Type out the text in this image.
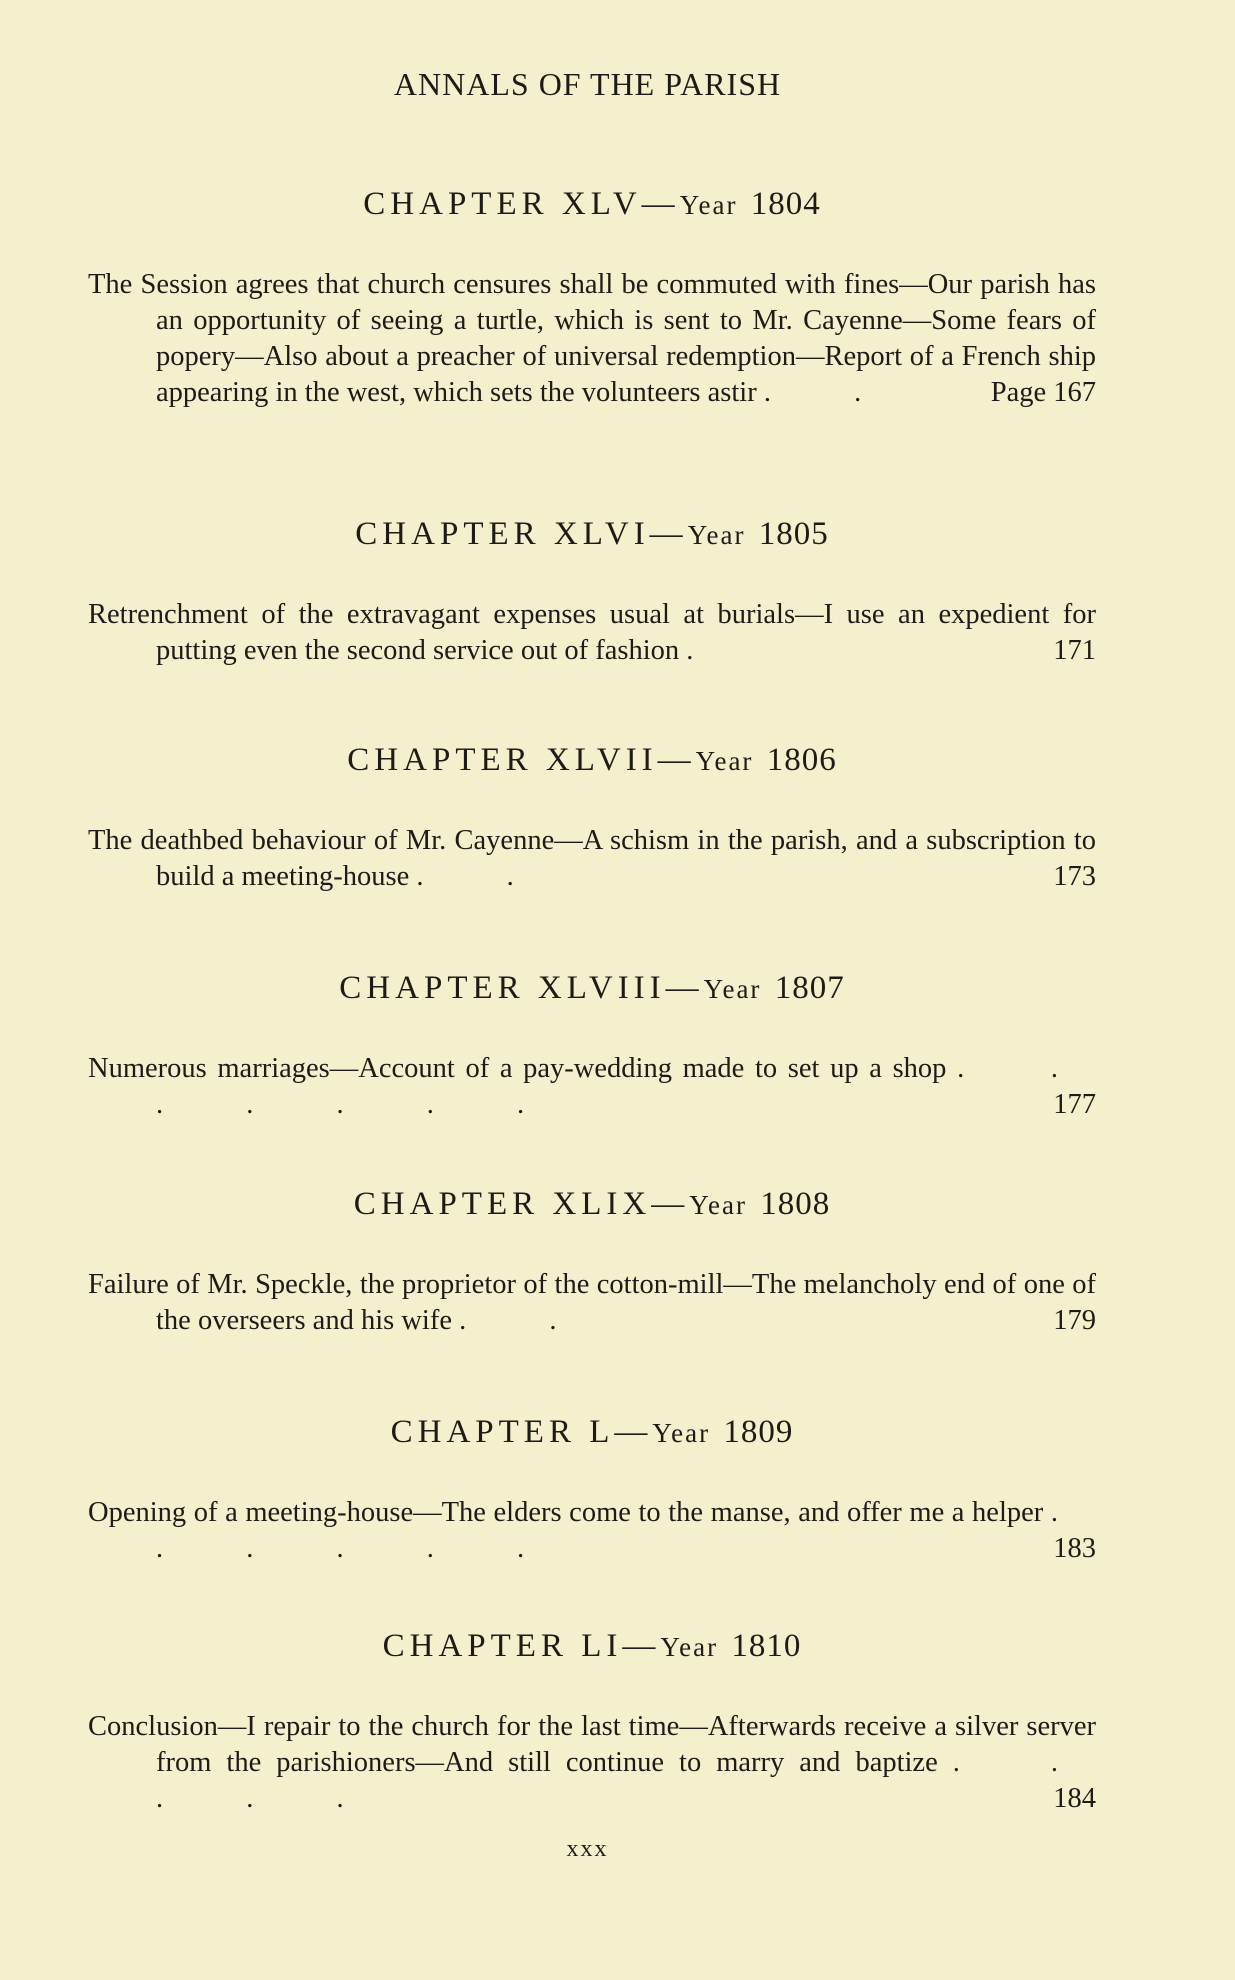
ANNALS OF THE PARISH
CHAPTER XLV—Year 1804
The Session agrees that church censures shall be commuted with fines—Our parish has an opportunity of seeing a turtle, which is sent to Mr. Cayenne—Some fears of popery—Also about a preacher of universal redemption—Report of a French ship appearing in the west, which sets the volunteers astir . .	Page 167
CHAPTER XLVI—Year 1805
Retrenchment of the extravagant expenses usual at burials—I use an expedient for putting even the second service out of fashion .	171
CHAPTER XLVII—Year 1806
The deathbed behaviour of Mr. Cayenne—A schism in the parish, and a subscription to build a meeting-house . .	173
CHAPTER XLVIII—Year 1807
Numerous marriages—Account of a pay-wedding made to set up a shop . . . . . . .	177
CHAPTER XLIX—Year 1808
Failure of Mr. Speckle, the proprietor of the cotton-mill—The melancholy end of one of the overseers and his wife . .	179
CHAPTER L—Year 1809
Opening of a meeting-house—The elders come to the manse, and offer me a helper . . . . . .	183
CHAPTER LI—Year 1810
Conclusion—I repair to the church for the last time—Afterwards receive a silver server from the parishioners—And still continue to marry and baptize . . . . .	184
xxx
